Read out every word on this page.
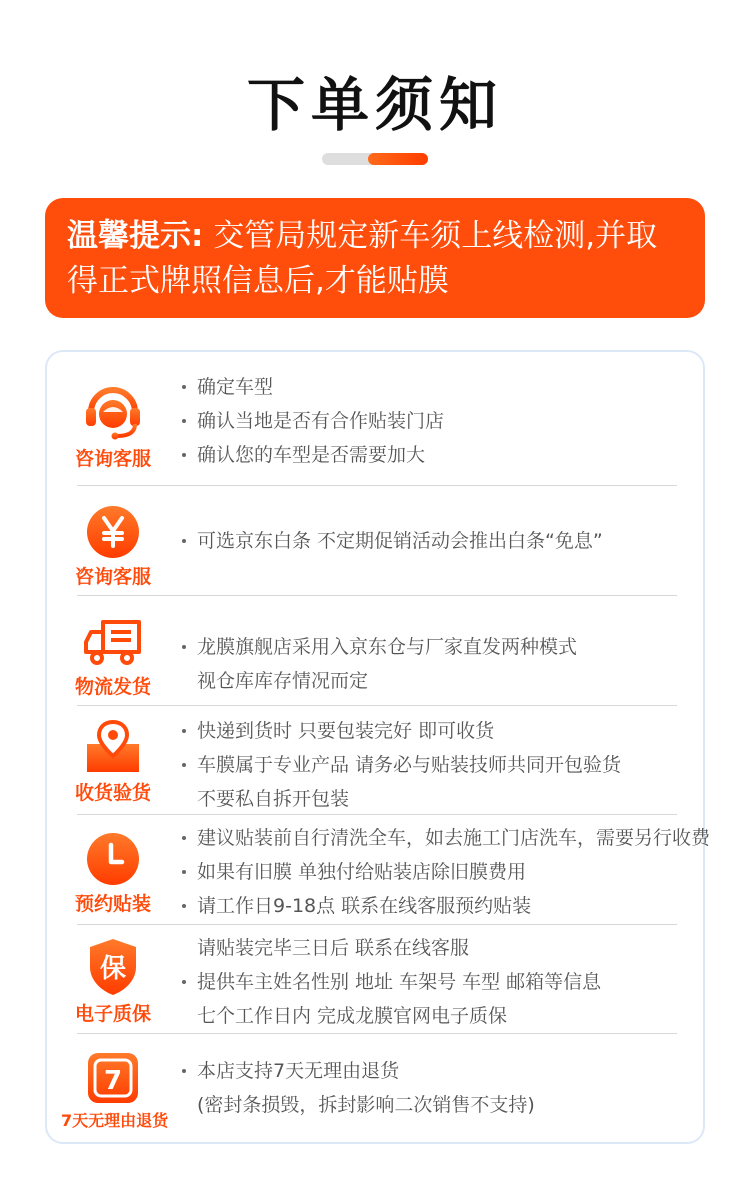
下单须知
温馨提示: 交管局规定新车须上线检测,并取
得正式牌照信息后,才能贴膜
咨询客服
确定车型
确认当地是否有合作贴装门店
确认您的车型是否需要加大
咨询客服
可选京东白条 不定期促销活动会推出白条“免息”
物流发货
龙膜旗舰店采用入京东仓与厂家直发两种模式
视仓库库存情况而定
收货验货
快递到货时 只要包装完好 即可收货
车膜属于专业产品 请务必与贴装技师共同开包验货
不要私自拆开包装
预约贴装
建议贴装前自行清洗全车，如去施工门店洗车，需要另行收费
如果有旧膜 单独付给贴装店除旧膜费用
请工作日9-18点 联系在线客服预约贴装
保
电子质保
请贴装完毕三日后 联系在线客服
提供车主姓名性别 地址 车架号 车型 邮箱等信息
七个工作日内 完成龙膜官网电子质保
7
7天无理由退货
本店支持7天无理由退货
(密封条损毁，拆封影响二次销售不支持)
